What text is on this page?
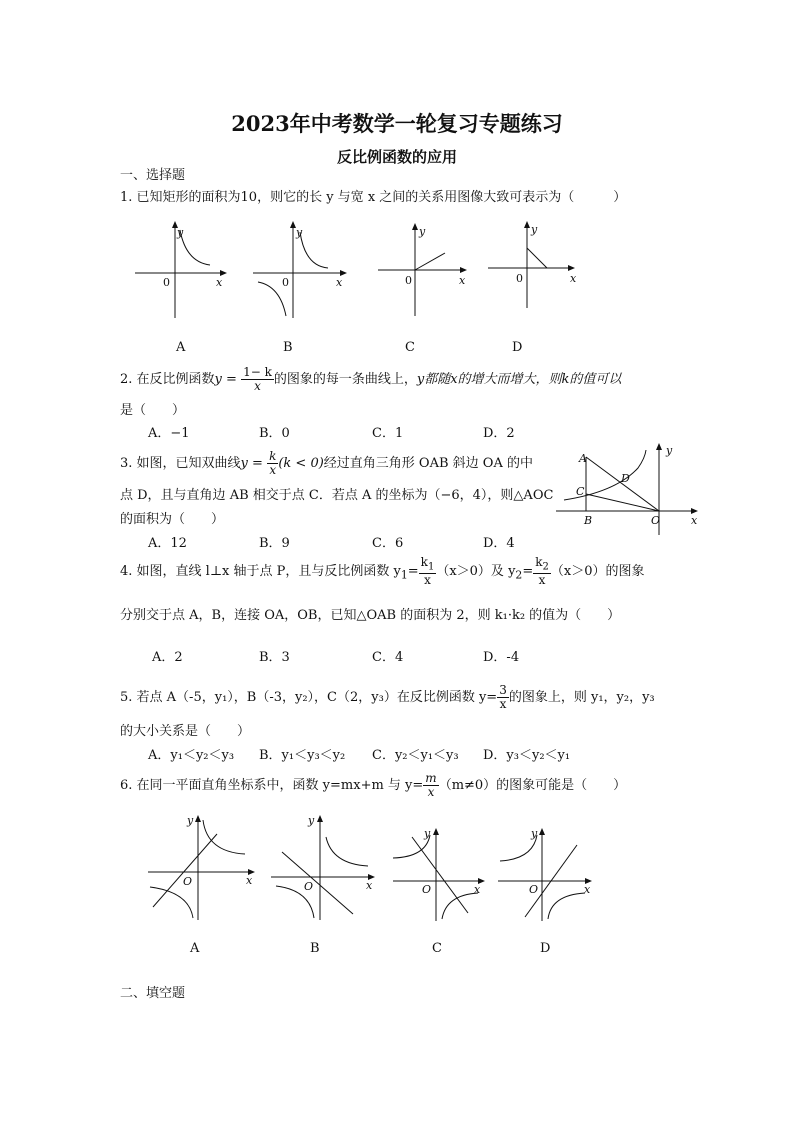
2023年中考数学一轮复习专题练习
反比例函数的应用
一、选择题
1. 已知矩形的面积为10，则它的长 y 与宽 x 之间的关系用图像大致可表示为（　　　）
y
0	x
y
0	x
y
0	x
y
0	x
A	B	C	D
2. 在反比例函数$y = \frac{1- k}{x}$ 的图象的每一条曲线上，y都随x的增大而增大，则k的值可以
是（　　）
A．−1	B．0	C．1	D．2
3. 如图，已知双曲线$y = \frac{k}{x} (k < 0)$经过直角三角形 OAB 斜边 OA 的中
点 D，且与直角边 AB 相交于点 C．若点 A 的坐标为（−6，4），则△AOC
的面积为（　　）
A．12	B．9	C．6	D．4
A
C
D
B	O	x
y
4. 如图，直线 l⊥x 轴于点 P，且与反比例函数 $y_1= \frac{k_1}{x} (x>0)$及 $y_2= \frac{k_2}{x} (x>0)$的图象
分别交于点 A，B，连接 OA，OB，已知△OAB 的面积为 2，则 k₁·k₂ 的值为（　　）
A．2	B．3	C．4	D．-4
5. 若点 A（-5，y₁），B（-3，y₂），C（2，y₃）在反比例函数 $y= \frac{3}{x}$ 的图象上，则 y₁，y₂，y₃
的大小关系是（　　）
A．y₁＜y₂＜y₃ B．y₁＜y₃＜y₂ C．y₂＜y₁＜y₃ D．y₃＜y₂＜y₁
6. 在同一平面直角坐标系中，函数 y=mx+m 与 $y= \frac{m}{x} (m\ne 0)$的图象可能是（　　）
y
O	x
y
O	x
y
O	x
y
O	x
A	B	C	D
二、填空题
